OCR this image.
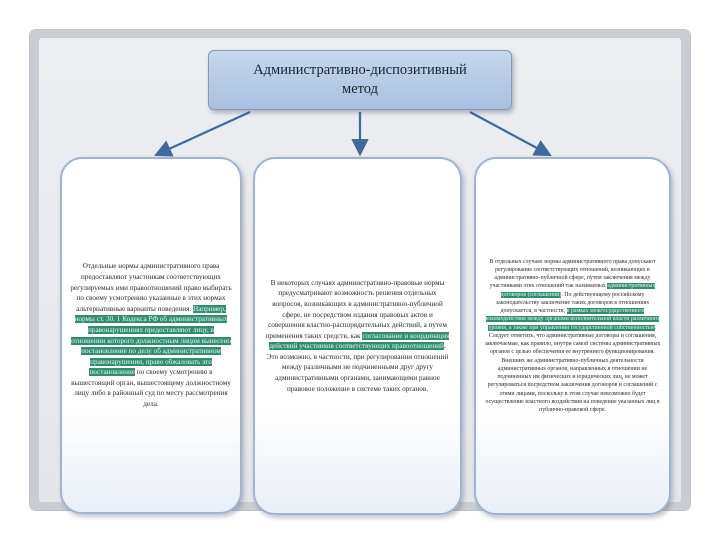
Административно-диспозитивный
метод
Отдельные нормы административного права предоставляют участникам соответствующих регулируемых ими правоотношений право выбирать по своему усмотрению указанные в этих нормах альтернативные варианты поведения. Например, нормы ст. 30. 1 Кодекса РФ об административных правонарушениях предоставляют лицу, в отношении которого должностным лицом вынесено постановление по делу об административном правонарушении, право обжаловать это постановление по своему усмотрению в вышестоящий орган, вышестоящему должностному лицу либо в районный суд по месту рассмотрения дела.
В некоторых случаях административно-правовые нормы предусматривают возможность решения отдельных вопросов, возникающих в административно-публичной сфере, не посредством издания правовых актов и совершения властно-распорядительных действий, а путем применения таких средств, как согласование и координация действий участников соответствующих правоотношений. Это возможно, в частности, при регулировании отношений между различными не подчиненными друг другу административными органами, занимающими равное правовое положение в системе таких органов.
В отдельных случаях нормы административного права допускают регулирование соответствующих отношений, возникающих в административно-публичной сфере, путем заключения между участниками этих отношений так называемых административных договоров (соглашений). По действующему российскому законодательству заключение таких договоров в отношениях допускается, в частности, в рамках межгосударственного взаимодействия между органами исполнительной власти различного уровня, а также при управлении государственной собственностью. Следует отметить, что административные договоры и соглашения, заключаемые, как правило, внутри самой системы административных органов с целью обеспечения ее внутреннего функционирования. Внешних же административно-публичных деятельности административных органов, направленных в отношении не подчиненных им физических и юридических лиц, не может регулироваться посредством заключения договоров и соглашений с этими лицами, поскольку в этом случае невозможно будет осуществление властного воздействия на поведение указанных лиц в публично-правовой сфере.
